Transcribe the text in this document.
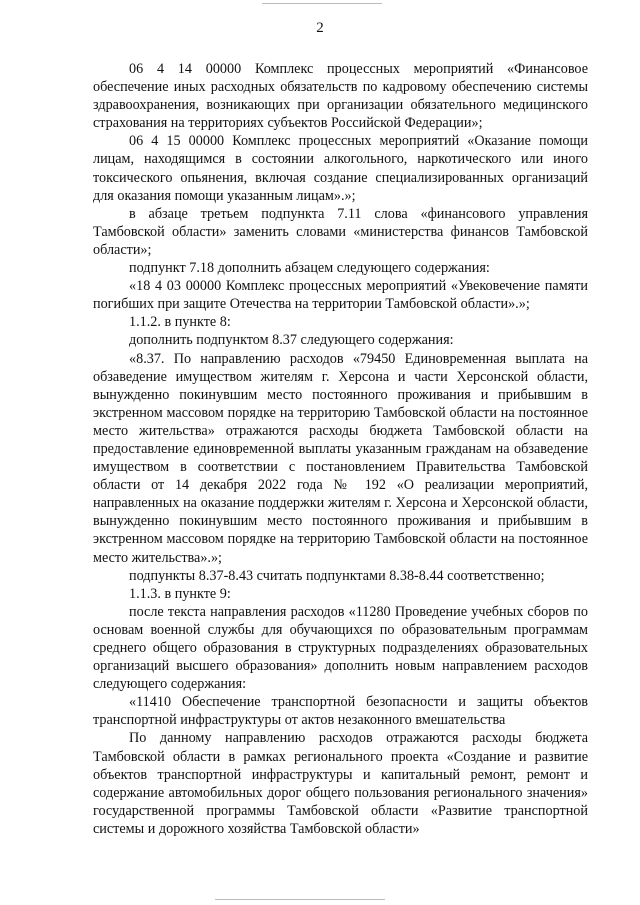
2

06 4 14 00000 Комплекс процессных мероприятий «Финансовое обеспечение иных расходных обязательств по кадровому обеспечению системы здравоохранения, возникающих при организации обязательного медицинского страхования на территориях субъектов Российской Федерации»;

06 4 15 00000 Комплекс процессных мероприятий «Оказание помощи лицам, находящимся в состоянии алкогольного, наркотического или иного токсического опьянения, включая создание специализированных организаций для оказания помощи указанным лицам».»;

в абзаце третьем подпункта 7.11 слова «финансового управления Тамбовской области» заменить словами «министерства финансов Тамбовской области»;

подпункт 7.18 дополнить абзацем следующего содержания:

«18 4 03 00000 Комплекс процессных мероприятий «Увековечение памяти погибших при защите Отечества на территории Тамбовской области».»;

1.1.2. в пункте 8:

дополнить подпунктом 8.37 следующего содержания:

«8.37. По направлению расходов «79450 Единовременная выплата на обзаведение имуществом жителям г. Херсона и части Херсонской области, вынужденно покинувшим место постоянного проживания и прибывшим в экстренном массовом порядке на территорию Тамбовской области на постоянное место жительства» отражаются расходы бюджета Тамбовской области на предоставление единовременной выплаты указанным гражданам на обзаведение имуществом в соответствии с постановлением Правительства Тамбовской области от 14 декабря 2022 года № 192 «О реализации мероприятий, направленных на оказание поддержки жителям г. Херсона и Херсонской области, вынужденно покинувшим место постоянного проживания и прибывшим в экстренном массовом порядке на территорию Тамбовской области на постоянное место жительства».»;

подпункты 8.37-8.43 считать подпунктами 8.38-8.44 соответственно;

1.1.3. в пункте 9:

после текста направления расходов «11280 Проведение учебных сборов по основам военной службы для обучающихся по образовательным программам среднего общего образования в структурных подразделениях образовательных организаций высшего образования» дополнить новым направлением расходов следующего содержания:

«11410 Обеспечение транспортной безопасности и защиты объектов транспортной инфраструктуры от актов незаконного вмешательства

По данному направлению расходов отражаются расходы бюджета Тамбовской области в рамках регионального проекта «Создание и развитие объектов транспортной инфраструктуры и капитальный ремонт, ремонт и содержание автомобильных дорог общего пользования регионального значения» государственной программы Тамбовской области «Развитие транспортной системы и дорожного хозяйства Тамбовской области»
